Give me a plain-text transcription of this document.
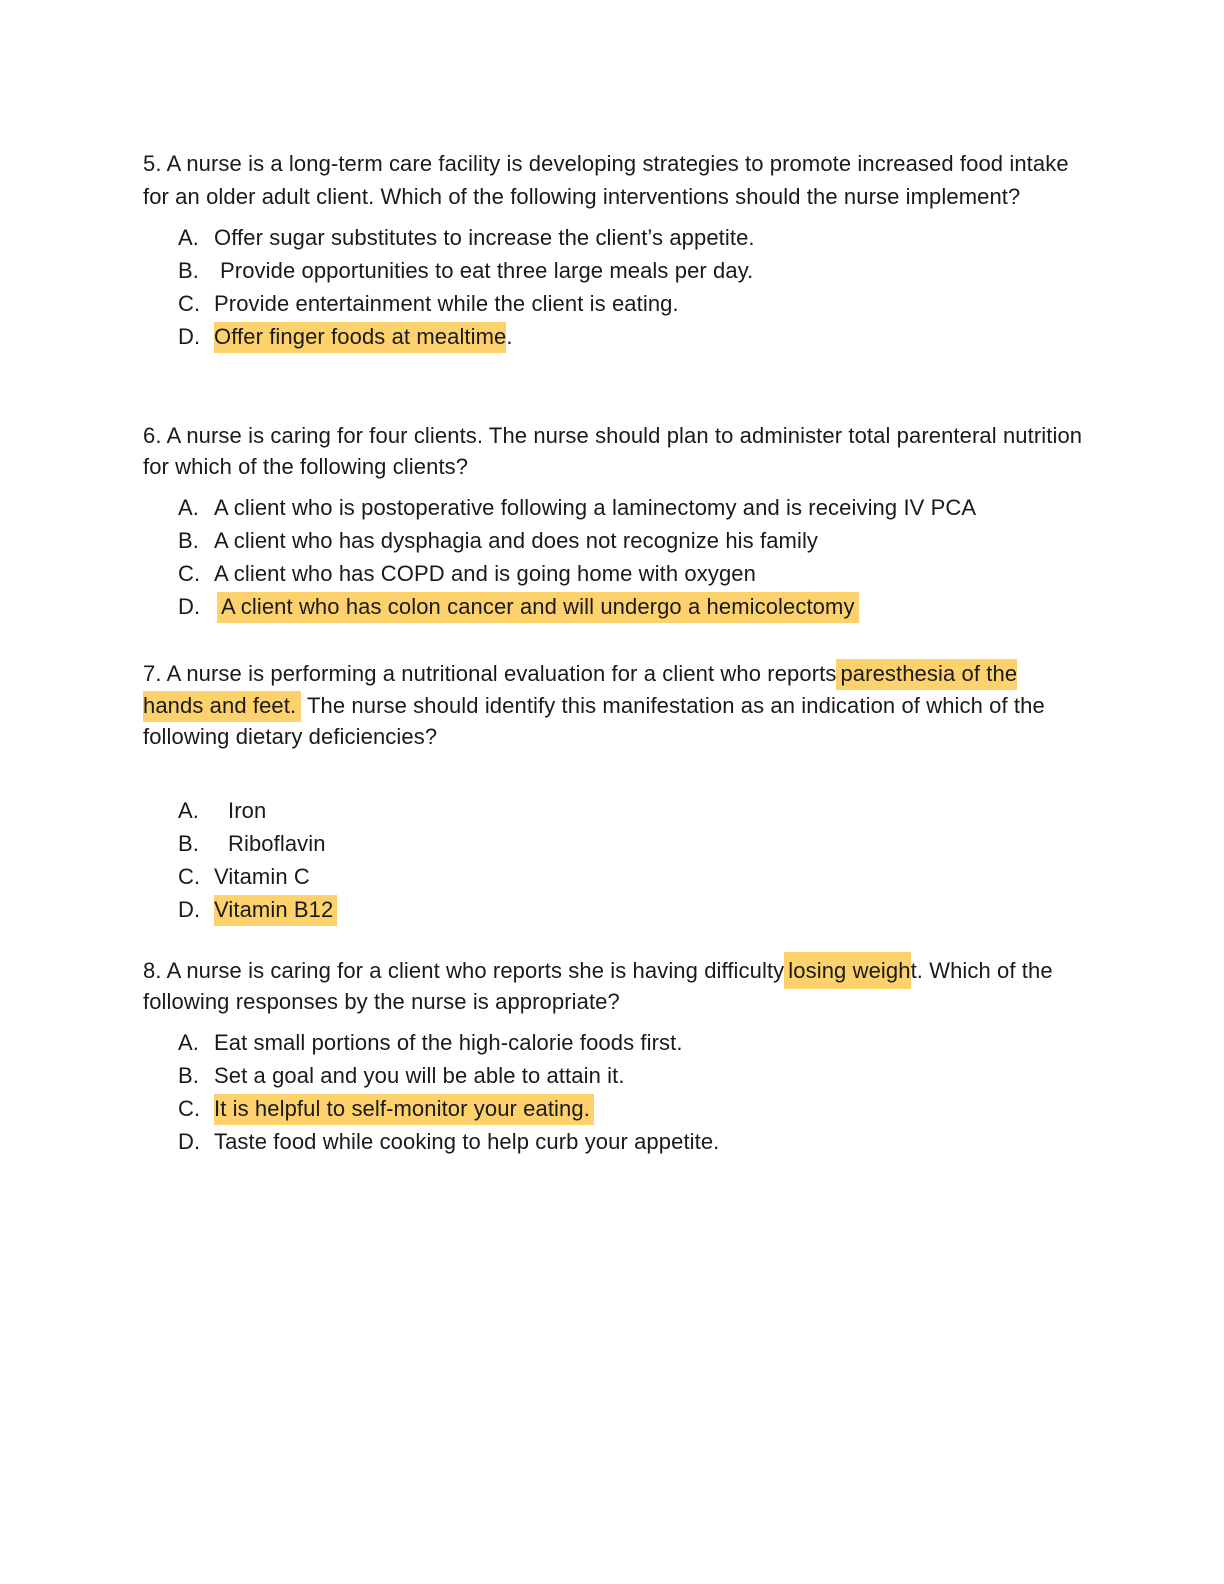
5. A nurse is a long-term care facility is developing strategies to promote increased food intake for an older adult client. Which of the following interventions should the nurse implement?

A. Offer sugar substitutes to increase the client’s appetite.
B. Provide opportunities to eat three large meals per day.
C. Provide entertainment while the client is eating.
D. Offer finger foods at mealtime.

6. A nurse is caring for four clients. The nurse should plan to administer total parenteral nutrition for which of the following clients?

A. A client who is postoperative following a laminectomy and is receiving IV PCA
B. A client who has dysphagia and does not recognize his family
C. A client who has COPD and is going home with oxygen
D. A client who has colon cancer and will undergo a hemicolectomy

7. A nurse is performing a nutritional evaluation for a client who reports paresthesia of the hands and feet. The nurse should identify this manifestation as an indication of which of the following dietary deficiencies?

A. Iron
B. Riboflavin
C. Vitamin C
D. Vitamin B12

8. A nurse is caring for a client who reports she is having difficulty losing weight. Which of the following responses by the nurse is appropriate?

A. Eat small portions of the high-calorie foods first.
B. Set a goal and you will be able to attain it.
C. It is helpful to self-monitor your eating.
D. Taste food while cooking to help curb your appetite.
